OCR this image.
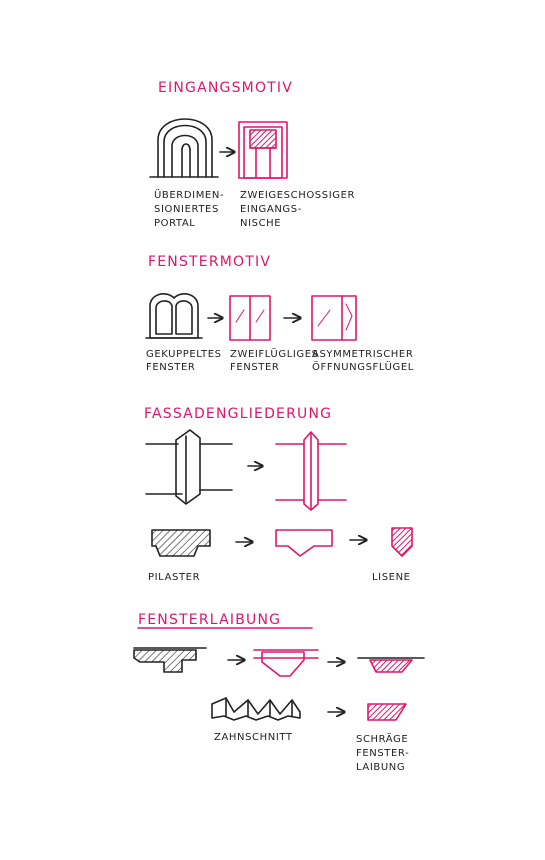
EINGANGSMOTIV
ÜBERDIMEN- SIONIERTES PORTAL
ZWEIGESCHOSSIGER EINGANGS- NISCHE
FENSTERMOTIV
GEKUPPELTES FENSTER
ZWEIFLÜGLIGES FENSTER
ASYMMETRISCHER ÖFFNUNGSFLÜGEL
FASSADENGLIEDERUNG
PILASTER	LISENE
FENSTERLAIBUNG
ZAHNSCHNITT	SCHRÄGE FENSTER- LAIBUNG
